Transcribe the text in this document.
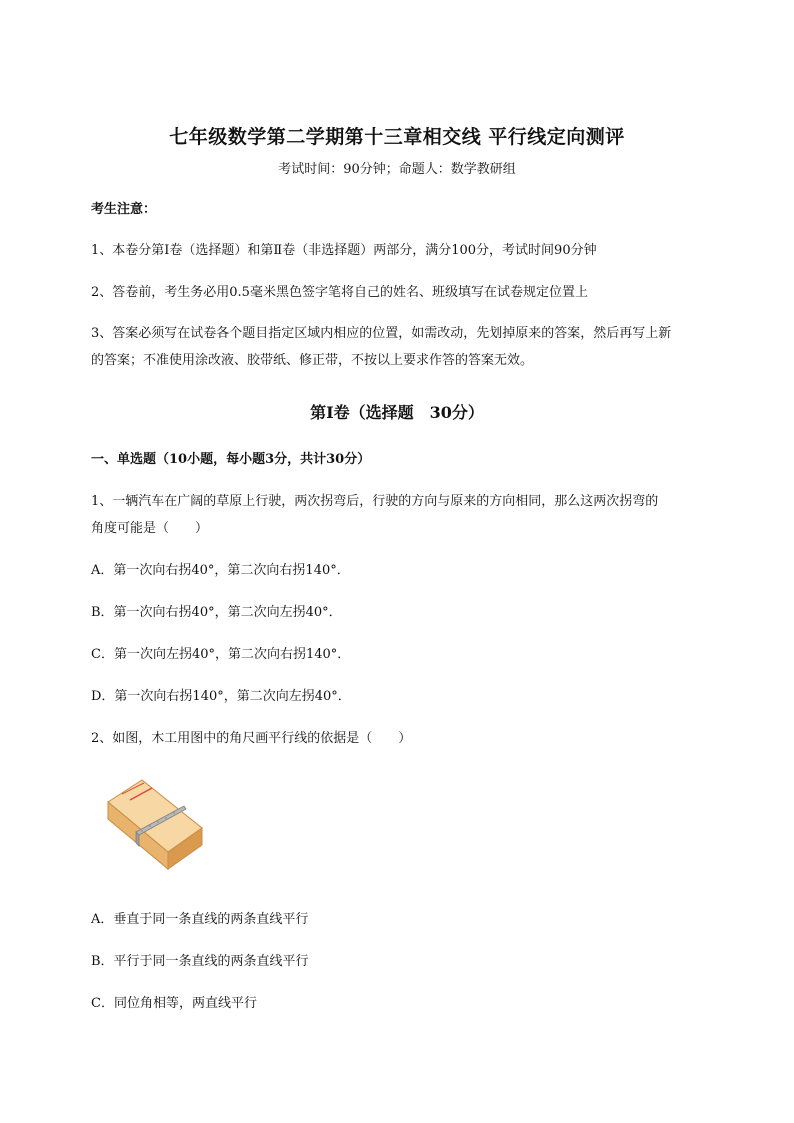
七年级数学第二学期第十三章相交线 平行线定向测评
考试时间：90分钟；命题人：数学教研组
考生注意：
1、本卷分第I卷（选择题）和第Ⅱ卷（非选择题）两部分，满分100分，考试时间90分钟
2、答卷前，考生务必用0.5毫米黑色签字笔将自己的姓名、班级填写在试卷规定位置上
3、答案必须写在试卷各个题目指定区域内相应的位置，如需改动，先划掉原来的答案，然后再写上新
的答案；不准使用涂改液、胶带纸、修正带，不按以上要求作答的答案无效。
第I卷（选择题　30分）
一、单选题（10小题，每小题3分，共计30分）
1、一辆汽车在广阔的草原上行驶，两次拐弯后，行驶的方向与原来的方向相同，那么这两次拐弯的
角度可能是（　　）
A．第一次向右拐40°，第二次向右拐140°．
B．第一次向右拐40°，第二次向左拐40°．
C．第一次向左拐40°，第二次向右拐140°．
D．第一次向右拐140°，第二次向左拐40°．
2、如图，木工用图中的角尺画平行线的依据是（　　）
A．垂直于同一条直线的两条直线平行
B．平行于同一条直线的两条直线平行
C．同位角相等，两直线平行
